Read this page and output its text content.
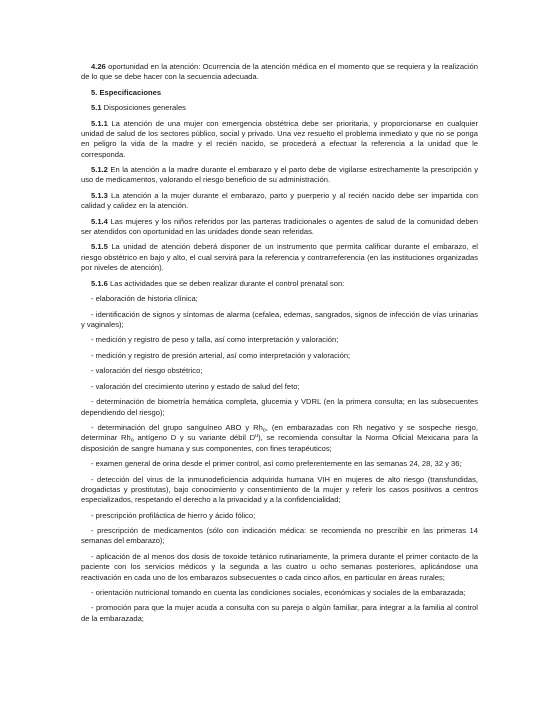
4.26 oportunidad en la atención: Ocurrencia de la atención médica en el momento que se requiera y la realización de lo que se debe hacer con la secuencia adecuada.

5. Especificaciones

5.1 Disposiciones generales

5.1.1 La atención de una mujer con emergencia obstétrica debe ser prioritaria, y proporcionarse en cualquier unidad de salud de los sectores público, social y privado. Una vez resuelto el problema inmediato y que no se ponga en peligro la vida de la madre y el recién nacido, se procederá a efectuar la referencia a la unidad que le corresponda.

5.1.2 En la atención a la madre durante el embarazo y el parto debe de vigilarse estrechamente la prescripción y uso de medicamentos, valorando el riesgo beneficio de su administración.

5.1.3 La atención a la mujer durante el embarazo, parto y puerperio y al recién nacido debe ser impartida con calidad y calidez en la atención.

5.1.4 Las mujeres y los niños referidos por las parteras tradicionales o agentes de salud de la comunidad deben ser atendidos con oportunidad en las unidades donde sean referidas.

5.1.5 La unidad de atención deberá disponer de un instrumento que permita calificar durante el embarazo, el riesgo obstétrico en bajo y alto, el cual servirá para la referencia y contrarreferencia (en las instituciones organizadas por niveles de atención).

5.1.6 Las actividades que se deben realizar durante el control prenatal son:

- elaboración de historia clínica;

- identificación de signos y síntomas de alarma (cefalea, edemas, sangrados, signos de infección de vías urinarias y vaginales);

- medición y registro de peso y talla, así como interpretación y valoración;

- medición y registro de presión arterial, así como interpretación y valoración;

- valoración del riesgo obstétrico;

- valoración del crecimiento uterino y estado de salud del feto;

- determinación de biometría hemática completa, glucemia y VDRL (en la primera consulta; en las subsecuentes dependiendo del riesgo);

- determinación del grupo sanguíneo ABO y $Rh_o$, (en embarazadas con Rh negativo y se sospeche riesgo, determinar $Rh_o$ antígeno D y su variante débil $D^u$), se recomienda consultar la Norma Oficial Mexicana para la disposición de sangre humana y sus componentes, con fines terapéuticos;

- examen general de orina desde el primer control, así como preferentemente en las semanas 24, 28, 32 y 36;

- detección del virus de la inmunodeficiencia adquirida humana VIH en mujeres de alto riesgo (transfundidas, drogadictas y prostitutas), bajo conocimiento y consentimiento de la mujer y referir los casos positivos a centros especializados, respetando el derecho a la privacidad y a la confidencialidad;

- prescripción profiláctica de hierro y ácido fólico;

- prescripción de medicamentos (sólo con indicación médica: se recomienda no prescribir en las primeras 14 semanas del embarazo);

- aplicación de al menos dos dosis de toxoide tetánico rutinariamente, la primera durante el primer contacto de la paciente con los servicios médicos y la segunda a las cuatro u ocho semanas posteriores, aplicándose una reactivación en cada uno de los embarazos subsecuentes o cada cinco años, en particular en áreas rurales;

- orientación nutricional tomando en cuenta las condiciones sociales, económicas y sociales de la embarazada;

- promoción para que la mujer acuda a consulta con su pareja o algún familiar, para integrar a la familia al control de la embarazada;
